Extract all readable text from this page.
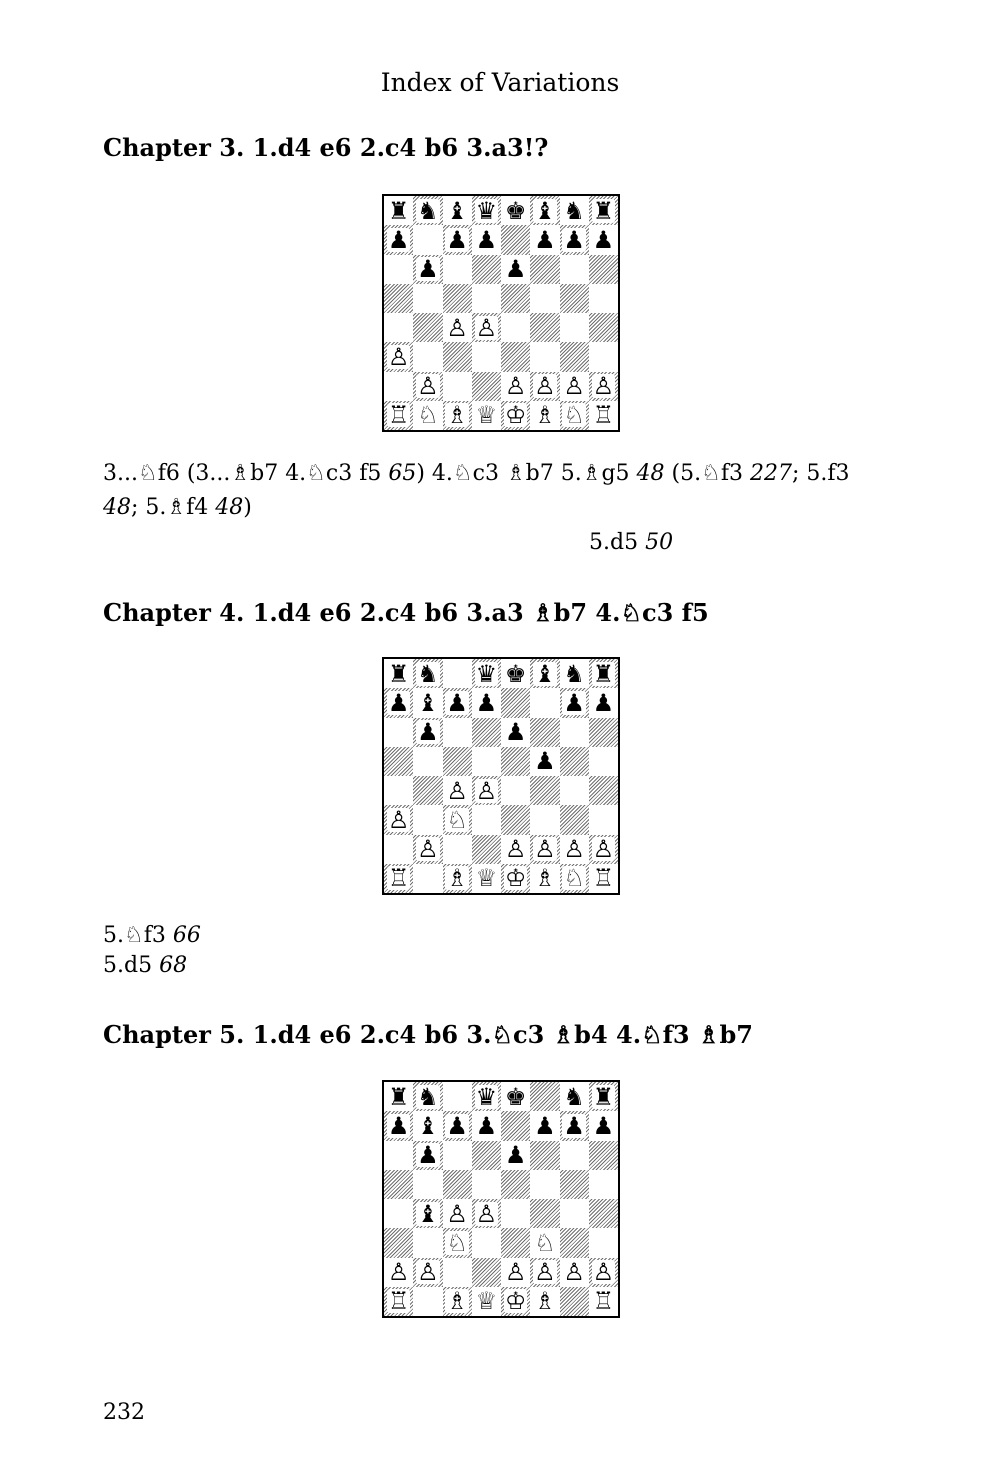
Index of Variations
Chapter 3. 1.d4 e6 2.c4 b6 3.a3!?
♜ ♞ ♝ ♛ ♚ ♝ ♞ ♜
♟ ♟ ♟ ♟ ♟ ♟
♟	♟
♙ ♙
♙
♙	♙ ♙ ♙ ♙
♖ ♘ ♗ ♕ ♔ ♗ ♘ ♖
3...♘f6 (3...♗b7 4.♘c3 f5 65) 4.♘c3 ♗b7 5.♗g5 48 (5.♘f3 227; 5.f3
48; 5.♗f4 48)
5.d5 50
Chapter 4. 1.d4 e6 2.c4 b6 3.a3 ♗b7 4.♘c3 f5
♜ ♞ ♛ ♚ ♝ ♞ ♜
♟ ♝ ♟ ♟	♟ ♟
♟	♟
♟
♙ ♙
♙ ♘
♙	♙ ♙ ♙ ♙
♖ ♗ ♕ ♔ ♗ ♘ ♖
5.♘f3 66
5.d5 68
Chapter 5. 1.d4 e6 2.c4 b6 3.♘c3 ♗b4 4.♘f3 ♗b7
♜ ♞ ♛ ♚ ♞ ♜
♟ ♝ ♟ ♟ ♟ ♟ ♟
♟	♟
♝ ♙ ♙
♘	♘
♙ ♙	♙ ♙ ♙ ♙
♖ ♗ ♕ ♔ ♗ ♖
232
